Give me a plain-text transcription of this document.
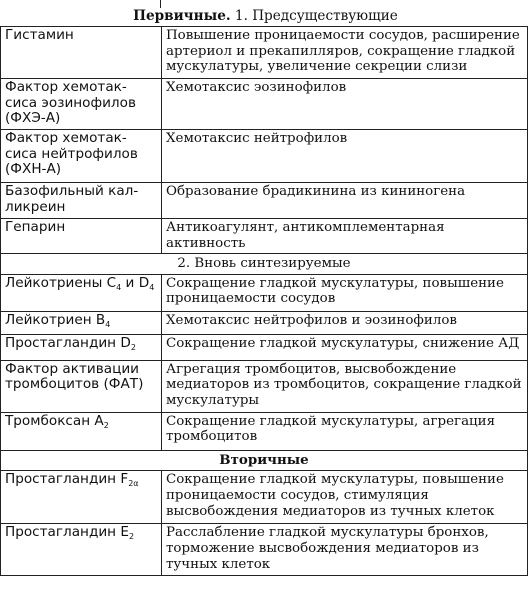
Первичные. 1. Предсуществующие
Гистамин	Повышение проницаемости сосудов, расширение артериол и прекапилляров, сокращение гладкой мускулатуры, увеличение секреции слизи
Фактор хемотак-сиса эозинофилов (ФХЭ-А)	Хемотаксис эозинофилов
Фактор хемотак-сиса нейтрофилов (ФХН-А)	Хемотаксис нейтрофилов
Базофильный кал-ликреин	Образование брадикинина из кининогена
Гепарин	Антикоагулянт, антикомплементарная активность
2. Вновь синтезируемые	
Лейкотриены $C_4$ и $D_4$	Сокращение гладкой мускулатуры, повышение проницаемости сосудов
Лейкотриен $B_4$	Хемотаксис нейтрофилов и эозинофилов
Простагландин $D_2$	Сокращение гладкой мускулатуры, снижение АД
Фактор активации тромбоцитов (ФАТ)	Агрегация тромбоцитов, высвобождение медиаторов из тромбоцитов, сокращение гладкой мускулатуры
Тромбоксан $A_2$	Сокращение гладкой мускулатуры, агрегация тромбоцитов
Вторичные	
Простагландин $F_{2\alpha}$	Сокращение гладкой мускулатуры, повышение проницаемости сосудов, стимуляция высвобождения медиаторов из тучных клеток
Простагландин $E_2$	Расслабление гладкой мускулатуры бронхов, торможение высвобождения медиаторов из тучных клеток
